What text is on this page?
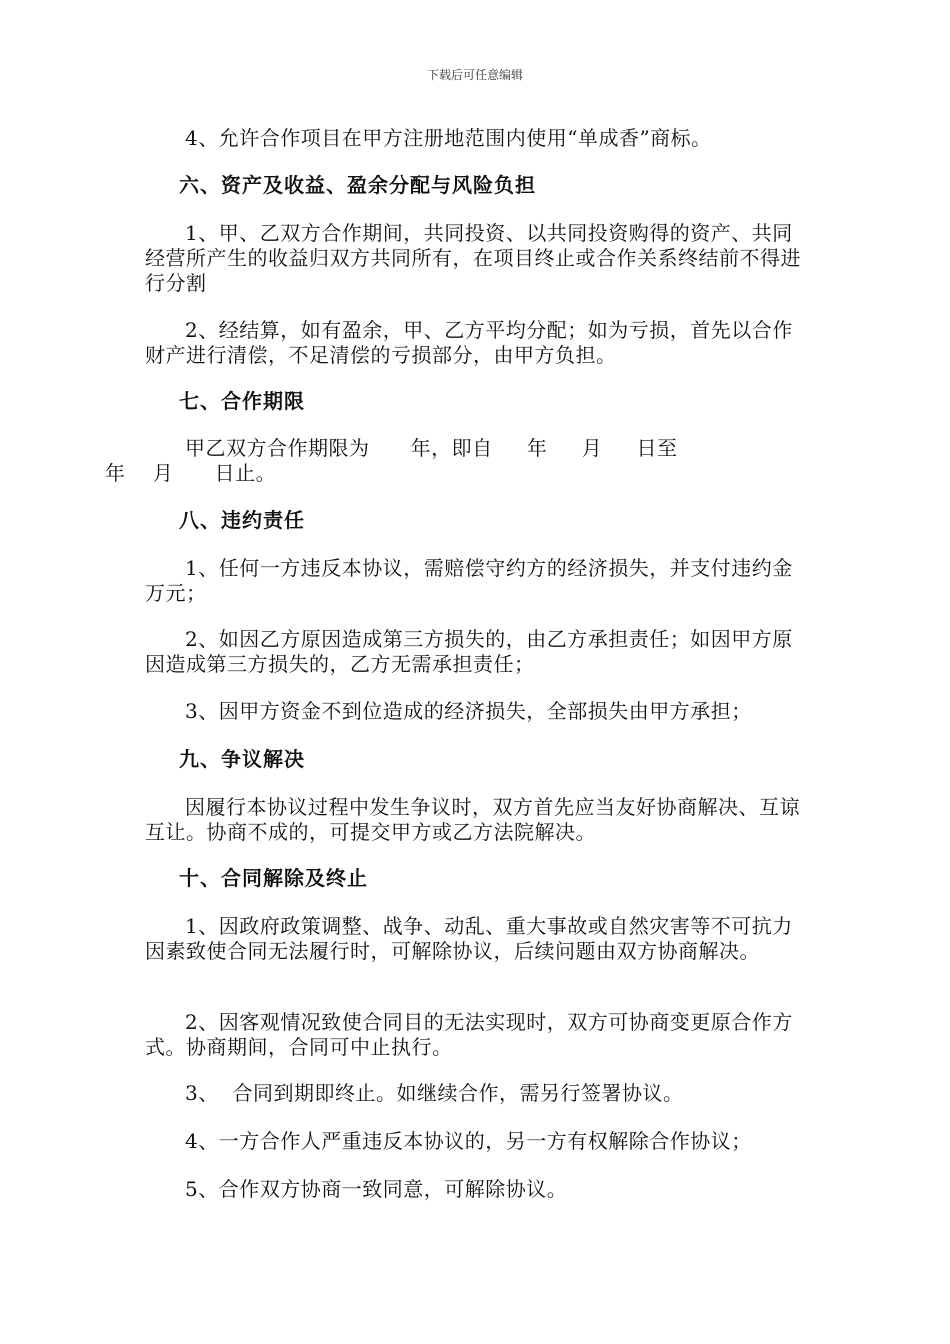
下载后可任意编辑

4、允许合作项目在甲方注册地范围内使用“单成香”商标。

六、资产及收益、盈余分配与风险负担

1、甲、乙双方合作期间，共同投资、以共同投资购得的资产、共同经营所产生的收益归双方共同所有，在项目终止或合作关系终结前不得进行分割

2、经结算，如有盈余，甲、乙方平均分配；如为亏损，首先以合作财产进行清偿，不足清偿的亏损部分，由甲方负担。

七、合作期限

甲乙双方合作期限为      年，即自     年     月     日至
年    月      日止。

八、违约责任

1、任何一方违反本协议，需赔偿守约方的经济损失，并支付违约金 万元；

2、如因乙方原因造成第三方损失的，由乙方承担责任；如因甲方原因造成第三方损失的，乙方无需承担责任；

3、因甲方资金不到位造成的经济损失，全部损失由甲方承担；

九、争议解决

因履行本协议过程中发生争议时，双方首先应当友好协商解决、互谅互让。协商不成的，可提交甲方或乙方法院解决。

十、合同解除及终止

1、因政府政策调整、战争、动乱、重大事故或自然灾害等不可抗力因素致使合同无法履行时，可解除协议，后续问题由双方协商解决。

2、因客观情况致使合同目的无法实现时，双方可协商变更原合作方式。协商期间，合同可中止执行。

3、  合同到期即终止。如继续合作，需另行签署协议。

4、一方合作人严重违反本协议的，另一方有权解除合作协议；

5、合作双方协商一致同意，可解除协议。
